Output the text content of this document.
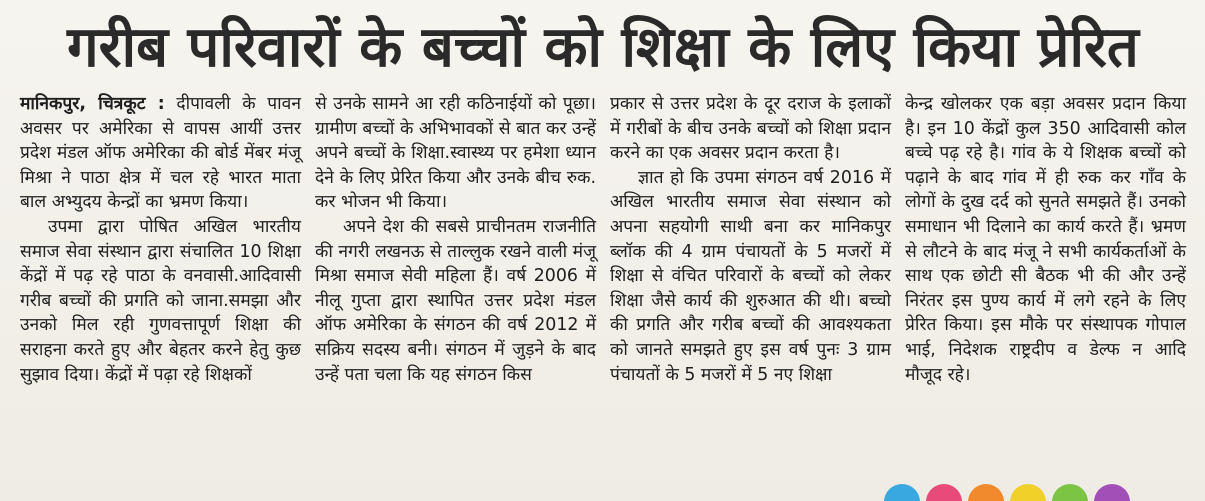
गरीब परिवारों के बच्चों को शिक्षा के लिए किया प्रेरित

मानिकपुर, चित्रकूट : दीपावली के पावन अवसर पर अमेरिका से वापस आयीं उत्तर प्रदेश मंडल ऑफ अमेरिका की बोर्ड मेंबर मंजू मिश्रा ने पाठा क्षेत्र में चल रहे भारत माता बाल अभ्युदय केन्द्रों का भ्रमण किया।

उपमा द्वारा पोषित अखिल भारतीय समाज सेवा संस्थान द्वारा संचालित 10 शिक्षा केंद्रों में पढ़ रहे पाठा के वनवासी.आदिवासी गरीब बच्चों की प्रगति को जाना.समझा और उनको मिल रही गुणवत्तापूर्ण शिक्षा की सराहना करते हुए और बेहतर करने हेतु कुछ सुझाव दिया। केंद्रों में पढ़ा रहे शिक्षकों

से उनके सामने आ रही कठिनाईयों को पूछा। ग्रामीण बच्चों के अभिभावकों से बात कर उन्हें अपने बच्चों के शिक्षा.स्वास्थ्य पर हमेशा ध्यान देने के लिए प्रेरित किया और उनके बीच रुक. कर भोजन भी किया।

अपने देश की सबसे प्राचीनतम राजनीति की नगरी लखनऊ से ताल्लुक रखने वाली मंजू मिश्रा समाज सेवी महिला हैं। वर्ष 2006 में नीलू गुप्ता द्वारा स्थापित उत्तर प्रदेश मंडल ऑफ अमेरिका के संगठन की वर्ष 2012 में सक्रिय सदस्य बनी। संगठन में जुड़ने के बाद उन्हें पता चला कि यह संगठन किस

प्रकार से उत्तर प्रदेश के दूर दराज के इलाकों में गरीबों के बीच उनके बच्चों को शिक्षा प्रदान करने का एक अवसर प्रदान करता है।

ज्ञात हो कि उपमा संगठन वर्ष 2016 में अखिल भारतीय समाज सेवा संस्थान को अपना सहयोगी साथी बना कर मानिकपुर ब्लॉक की 4 ग्राम पंचायतों के 5 मजरों में शिक्षा से वंचित परिवारों के बच्चों को लेकर शिक्षा जैसे कार्य की शुरुआत की थी। बच्चो की प्रगति और गरीब बच्चों की आवश्यकता को जानते समझते हुए इस वर्ष पुनः 3 ग्राम पंचायतों के 5 मजरों में 5 नए शिक्षा

केन्द्र खोलकर एक बड़ा अवसर प्रदान किया है। इन 10 केंद्रों कुल 350 आदिवासी कोल बच्चे पढ़ रहे है। गांव के ये शिक्षक बच्चों को पढ़ाने के बाद गांव में ही रुक कर गाँव के लोगों के दुख दर्द को सुनते समझते हैं। उनको समाधान भी दिलाने का कार्य करते हैं। भ्रमण से लौटने के बाद मंजू ने सभी कार्यकर्ताओं के साथ एक छोटी सी बैठक भी की और उन्हें निरंतर इस पुण्य कार्य में लगे रहने के लिए प्रेरित किया। इस मौके पर संस्थापक गोपाल भाई, निदेशक राष्ट्रदीप व डेल्फ न आदि मौजूद रहे।
